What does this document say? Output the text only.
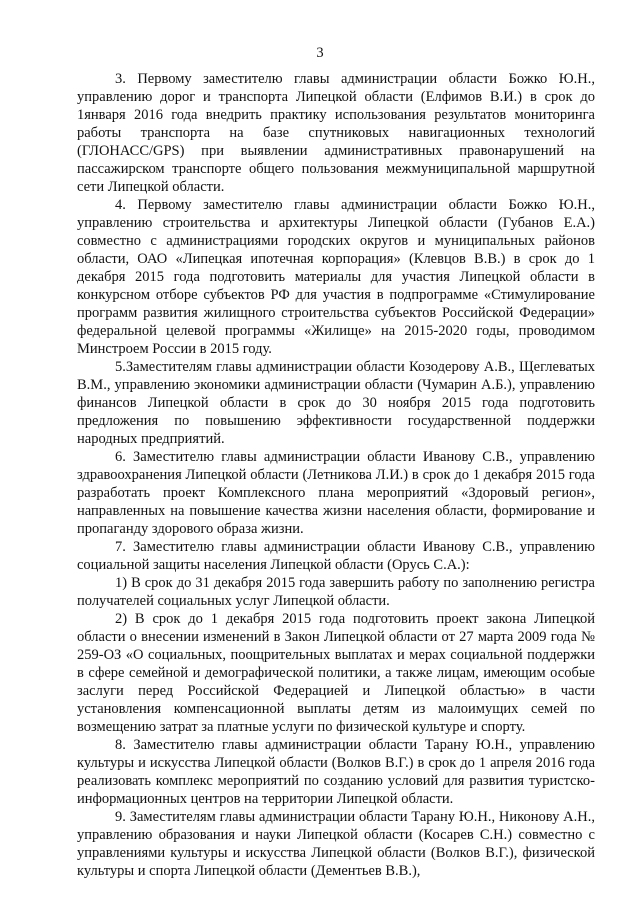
3

3. Первому заместителю главы администрации области Божко Ю.Н., управлению дорог и транспорта Липецкой области (Елфимов В.И.) в срок до 1января 2016 года внедрить практику использования результатов мониторинга работы транспорта на базе спутниковых навигационных технологий (ГЛОНАСС/GPS) при выявлении административных правонарушений на пассажирском транспорте общего пользования межмуниципальной маршрутной сети Липецкой области.

4. Первому заместителю главы администрации области Божко Ю.Н., управлению строительства и архитектуры Липецкой области (Губанов Е.А.) совместно с администрациями городских округов и муниципальных районов области, ОАО «Липецкая ипотечная корпорация» (Клевцов В.В.) в срок до 1 декабря 2015 года подготовить материалы для участия Липецкой области в конкурсном отборе субъектов РФ для участия в подпрограмме «Стимулирование программ развития жилищного строительства субъектов Российской Федерации» федеральной целевой программы «Жилище» на 2015-2020 годы, проводимом Минстроем России в 2015 году.

5.Заместителям главы администрации области Козодерову А.В., Щеглеватых В.М., управлению экономики администрации области (Чумарин А.Б.), управлению финансов Липецкой области в срок до 30 ноября 2015 года подготовить предложения по повышению эффективности государственной поддержки народных предприятий.

6. Заместителю главы администрации области Иванову С.В., управлению здравоохранения Липецкой области (Летникова Л.И.) в срок до 1 декабря 2015 года разработать проект Комплексного плана мероприятий «Здоровый регион», направленных на повышение качества жизни населения области, формирование и пропаганду здорового образа жизни.

7. Заместителю главы администрации области Иванову С.В., управлению социальной защиты населения Липецкой области (Орусь С.А.):

1) В срок до 31 декабря 2015 года завершить работу по заполнению регистра получателей социальных услуг Липецкой области.

2) В срок до 1 декабря 2015 года подготовить проект закона Липецкой области о внесении изменений в Закон Липецкой области от 27 марта 2009 года № 259-ОЗ «О социальных, поощрительных выплатах и мерах социальной поддержки в сфере семейной и демографической политики, а также лицам, имеющим особые заслуги перед Российской Федерацией и Липецкой областью» в части установления компенсационной выплаты детям из малоимущих семей по возмещению затрат за платные услуги по физической культуре и спорту.

8. Заместителю главы администрации области Тарану Ю.Н., управлению культуры и искусства Липецкой области (Волков В.Г.) в срок до 1 апреля 2016 года реализовать комплекс мероприятий по созданию условий для развития туристско-информационных центров на территории Липецкой области.

9. Заместителям главы администрации области Тарану Ю.Н., Никонову А.Н., управлению образования и науки Липецкой области (Косарев С.Н.) совместно с управлениями культуры и искусства Липецкой области (Волков В.Г.), физической культуры и спорта Липецкой области (Дементьев В.В.),
